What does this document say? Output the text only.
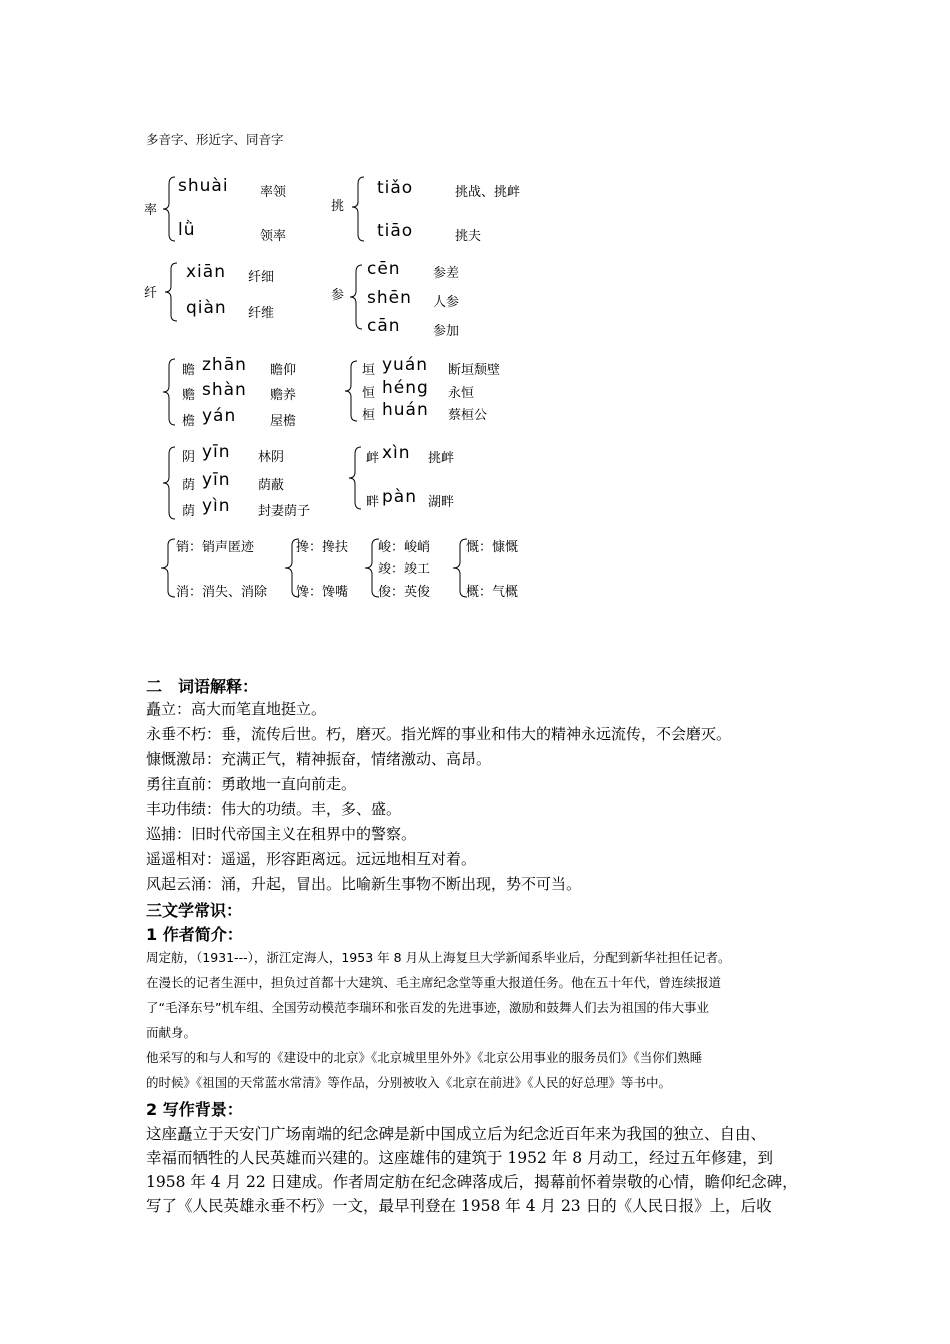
多音字、形近字、同音字
率
shuài 率领
lǜ	领率
挑
tiǎo	挑战、挑衅
tiāo	挑夫
纤
xiān 纤细
qiàn 纤维
参
cēn 参差
shēn 人参
cān 参加
瞻 zhān 瞻仰
赡 shàn 赡养
檐 yán	屋檐
垣 yuán 断垣颓壁
恒 héng 永恒
桓 huán 蔡桓公
阴 yīn 林阴
荫 yīn 荫蔽
荫 yìn 封妻荫子
衅 xìn 挑衅
畔 pàn 湖畔
销：销声匿迹
消：消失、消除
搀：搀扶
馋：馋嘴
峻：峻峭
竣：竣工
俊：英俊
慨：慷慨
概：气概
二　词语解释：
矗立：高大而笔直地挺立。
永垂不朽：垂，流传后世。朽，磨灭。指光辉的事业和伟大的精神永远流传，不会磨灭。
慷慨激昂：充满正气，精神振奋，情绪激动、高昂。
勇往直前：勇敢地一直向前走。
丰功伟绩：伟大的功绩。丰，多、盛。
巡捕：旧时代帝国主义在租界中的警察。
遥遥相对：遥遥，形容距离远。远远地相互对着。
风起云涌：涌，升起，冒出。比喻新生事物不断出现，势不可当。
三文学常识：
1 作者简介：
周定舫，（1931---），浙江定海人，1953 年 8 月从上海复旦大学新闻系毕业后，分配到新华社担任记者。
在漫长的记者生涯中，担负过首都十大建筑、毛主席纪念堂等重大报道任务。他在五十年代，曾连续报道
了“毛泽东号”机车组、全国劳动模范李瑞环和张百发的先进事迹，激励和鼓舞人们去为祖国的伟大事业
而献身。
他采写的和与人和写的《建设中的北京》《北京城里里外外》《北京公用事业的服务员们》《当你们熟睡
的时候》《祖国的天常蓝水常清》等作品，分别被收入《北京在前进》《人民的好总理》等书中。
2 写作背景：
这座矗立于天安门广场南端的纪念碑是新中国成立后为纪念近百年来为我国的独立、自由、
幸福而牺牲的人民英雄而兴建的。这座雄伟的建筑于 1952 年 8 月动工，经过五年修建，到
1958 年 4 月 22 日建成。作者周定舫在纪念碑落成后，揭幕前怀着崇敬的心情，瞻仰纪念碑，
写了《人民英雄永垂不朽》一文，最早刊登在 1958 年 4 月 23 日的《人民日报》上，后收
